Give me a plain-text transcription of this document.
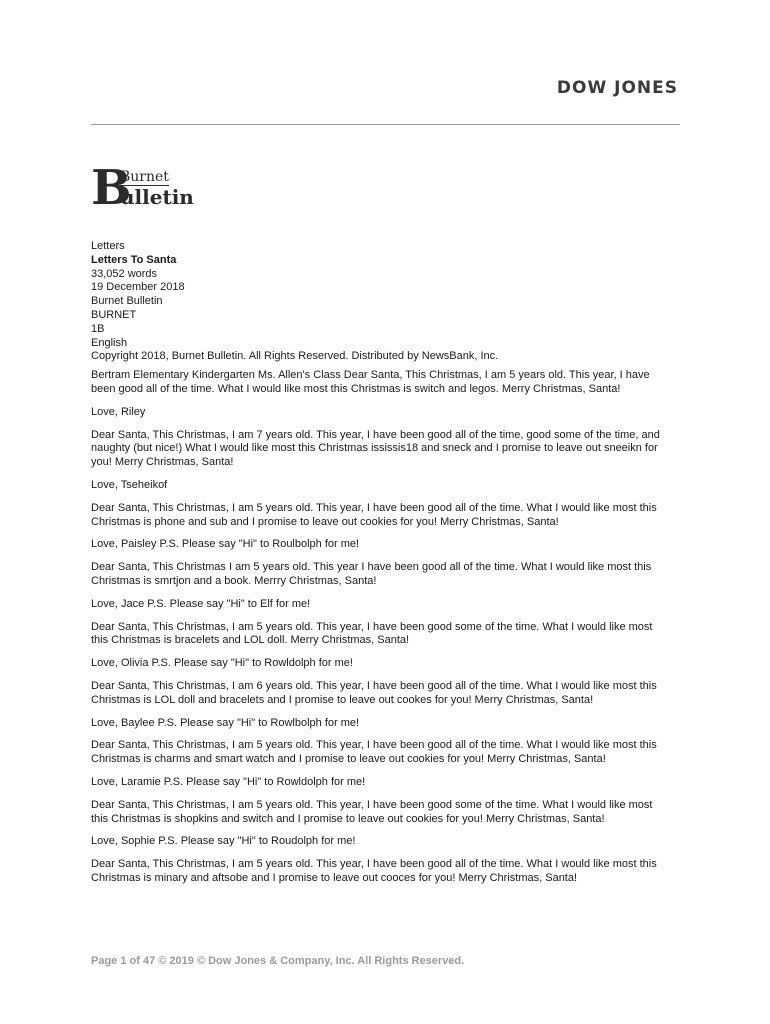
DOW JONES
B
Burnet
ulletin
Letters
Letters To Santa
33,052 words
19 December 2018
Burnet Bulletin
BURNET
1B
English
Copyright 2018, Burnet Bulletin. All Rights Reserved. Distributed by NewsBank, Inc.

Bertram Elementary Kindergarten Ms. Allen's Class Dear Santa, This Christmas, I am 5 years old. This year, I have been good all of the time. What I would like most this Christmas is switch and legos. Merry Christmas, Santa!

Love, Riley

Dear Santa, This Christmas, I am 7 years old. This year, I have been good all of the time, good some of the time, and naughty (but nice!) What I would like most this Christmas ississis18 and sneck and I promise to leave out sneeikn for you! Merry Christmas, Santa!

Love, Tseheikof

Dear Santa, This Christmas, I am 5 years old. This year, I have been good all of the time. What I would like most this Christmas is phone and sub and I promise to leave out cookies for you! Merry Christmas, Santa!

Love, Paisley P.S. Please say "Hi" to Roulbolph for me!

Dear Santa, This Christmas I am 5 years old. This year I have been good all of the time. What I would like most this Christmas is smrtjon and a book. Merrry Christmas, Santa!

Love, Jace P.S. Please say "Hi" to Elf for me!

Dear Santa, This Christmas, I am 5 years old. This year, I have been good some of the time. What I would like most this Christmas is bracelets and LOL doll. Merry Christmas, Santa!

Love, Olivia P.S. Please say "Hi" to Rowldolph for me!

Dear Santa, This Christmas, I am 6 years old. This year, I have been good all of the time. What I would like most this Christmas is LOL doll and bracelets and I promise to leave out cookes for you! Merry Christmas, Santa!

Love, Baylee P.S. Please say "Hi" to Rowlbolph for me!

Dear Santa, This Christmas, I am 5 years old. This year, I have been good all of the time. What I would like most this Christmas is charms and smart watch and I promise to leave out cookies for you! Merry Christmas, Santa!

Love, Laramie P.S. Please say "Hi" to Rowldolph for me!

Dear Santa, This Christmas, I am 5 years old. This year, I have been good some of the time. What I would like most this Christmas is shopkins and switch and I promise to leave out cookies for you! Merry Christmas, Santa!

Love, Sophie P.S. Please say "Hi" to Roudolph for me!

Dear Santa, This Christmas, I am 5 years old. This year, I have been good all of the time. What I would like most this Christmas is minary and aftsobe and I promise to leave out cooces for you! Merry Christmas, Santa!

Page 1 of 47 © 2019 © Dow Jones & Company, Inc. All Rights Reserved.
